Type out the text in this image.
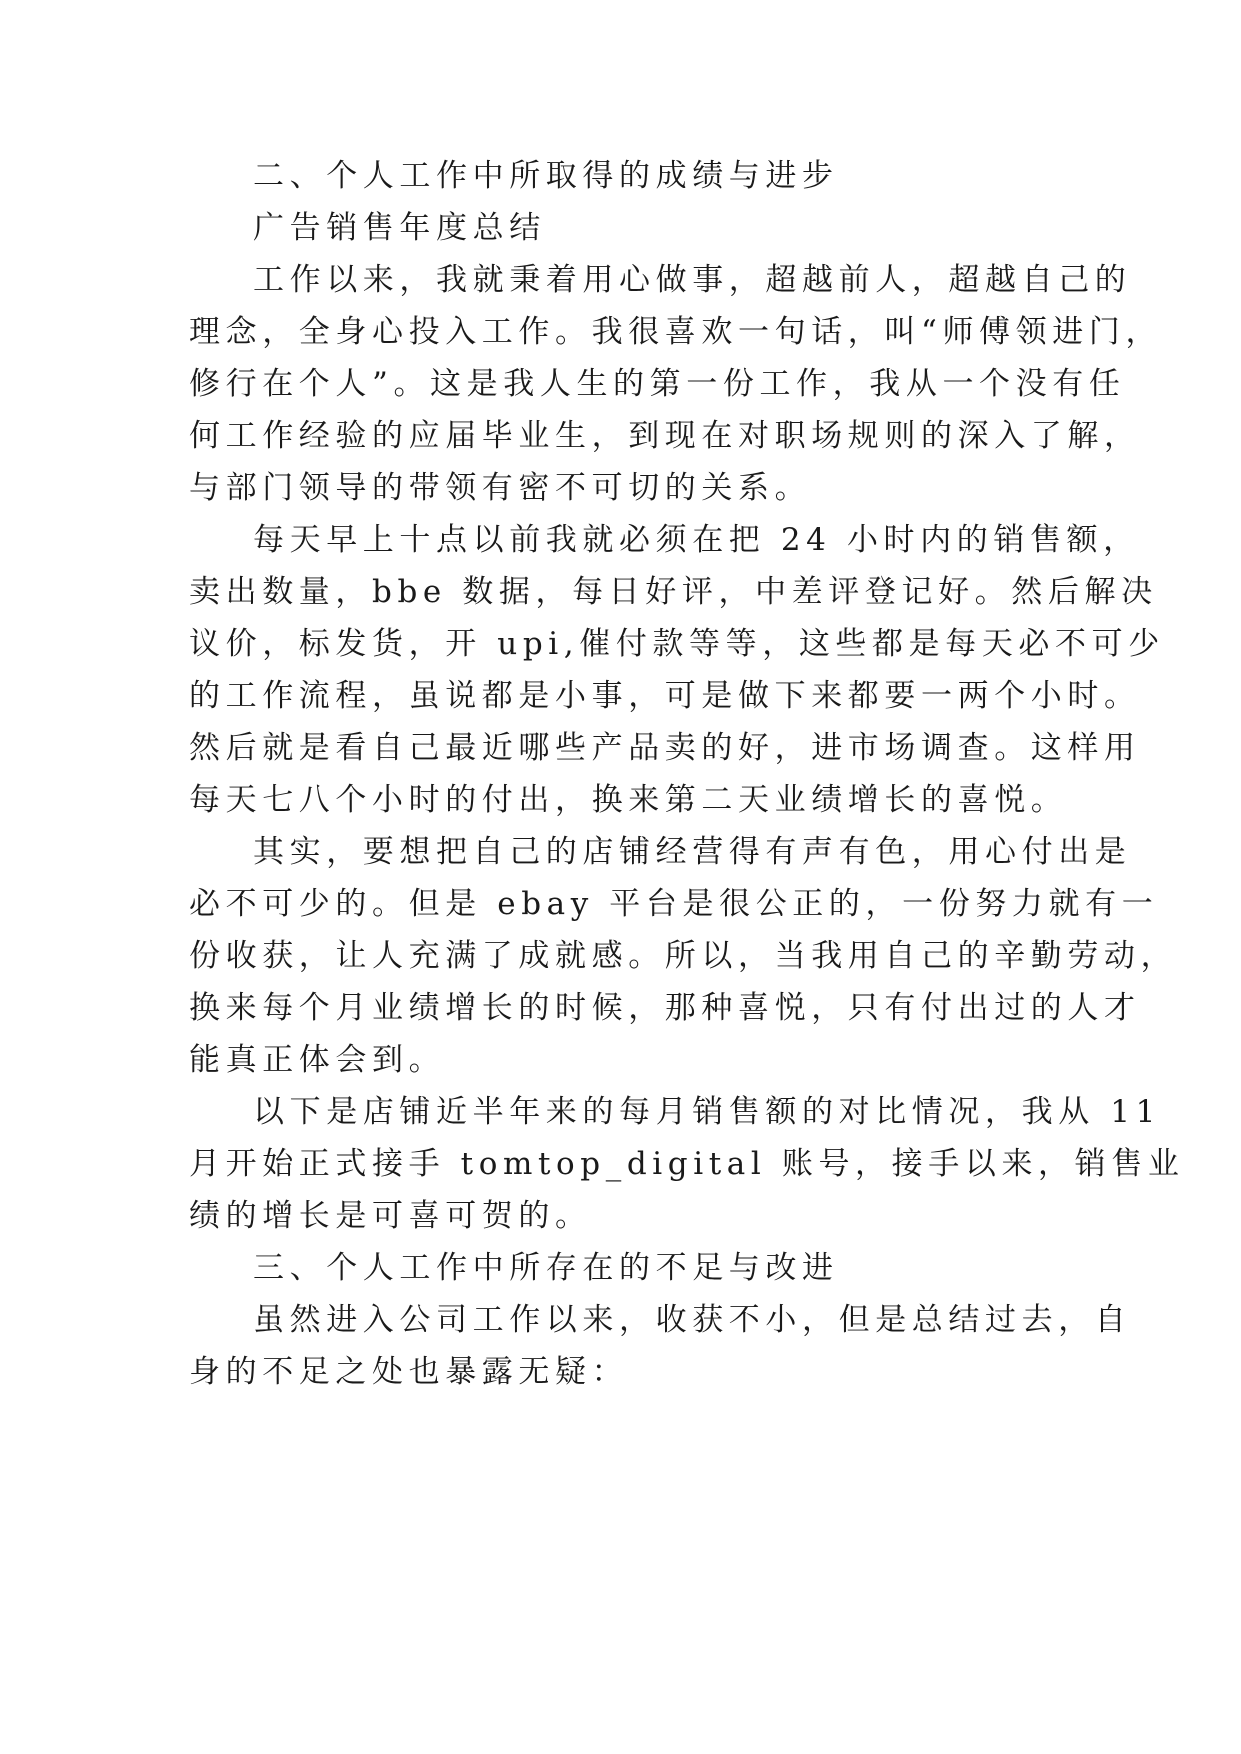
二、个人工作中所取得的成绩与进步
广告销售年度总结
工作以来，我就秉着用心做事，超越前人，超越自己的
理念，全身心投入工作。我很喜欢一句话，叫“师傅领进门，
修行在个人”。这是我人生的第一份工作，我从一个没有任
何工作经验的应届毕业生，到现在对职场规则的深入了解，
与部门领导的带领有密不可切的关系。
每天早上十点以前我就必须在把 24 小时内的销售额，
卖出数量，bbe 数据，每日好评，中差评登记好。然后解决
议价，标发货，开 upi,催付款等等，这些都是每天必不可少
的工作流程，虽说都是小事，可是做下来都要一两个小时。
然后就是看自己最近哪些产品卖的好，进市场调查。这样用
每天七八个小时的付出，换来第二天业绩增长的喜悦。
其实，要想把自己的店铺经营得有声有色，用心付出是
必不可少的。但是 ebay 平台是很公正的，一份努力就有一
份收获，让人充满了成就感。所以，当我用自己的辛勤劳动，
换来每个月业绩增长的时候，那种喜悦，只有付出过的人才
能真正体会到。
以下是店铺近半年来的每月销售额的对比情况，我从 11
月开始正式接手 tomtop_digital 账号，接手以来，销售业
绩的增长是可喜可贺的。
三、个人工作中所存在的不足与改进
虽然进入公司工作以来，收获不小，但是总结过去，自
身的不足之处也暴露无疑：
